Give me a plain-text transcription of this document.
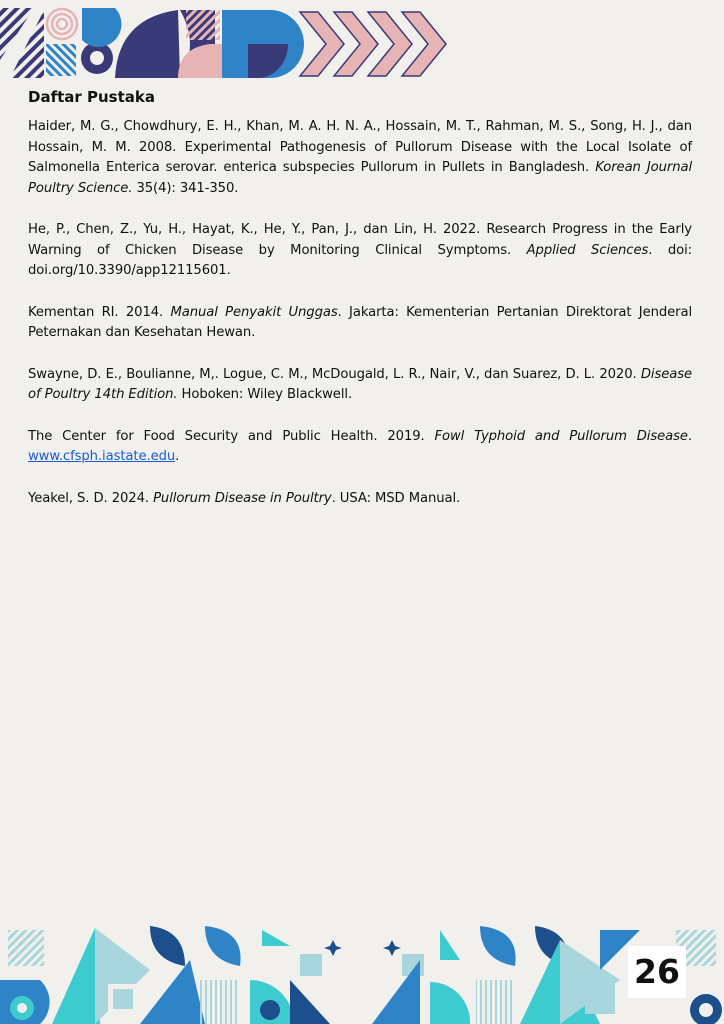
Daftar Pustaka

Haider, M. G., Chowdhury, E. H., Khan, M. A. H. N. A., Hossain, M. T., Rahman, M. S., Song, H. J., dan Hossain, M. M. 2008. Experimental Pathogenesis of Pullorum Disease with the Local Isolate of Salmonella Enterica serovar. enterica subspecies Pullorum in Pullets in Bangladesh. Korean Journal Poultry Science. 35(4): 341-350.

He, P., Chen, Z., Yu, H., Hayat, K., He, Y., Pan, J., dan Lin, H. 2022. Research Progress in the Early Warning of Chicken Disease by Monitoring Clinical Symptoms. Applied Sciences. doi: doi.org/10.3390/app12115601.

Kementan RI. 2014. Manual Penyakit Unggas. Jakarta: Kementerian Pertanian Direktorat Jenderal Peternakan dan Kesehatan Hewan.

Swayne, D. E., Boulianne, M,. Logue, C. M., McDougald, L. R., Nair, V., dan Suarez, D. L. 2020. Disease of Poultry 14th Edition. Hoboken: Wiley Blackwell.

The Center for Food Security and Public Health. 2019. Fowl Typhoid and Pullorum Disease. www.cfsph.iastate.edu.

Yeakel, S. D. 2024. Pullorum Disease in Poultry. USA: MSD Manual.

26
